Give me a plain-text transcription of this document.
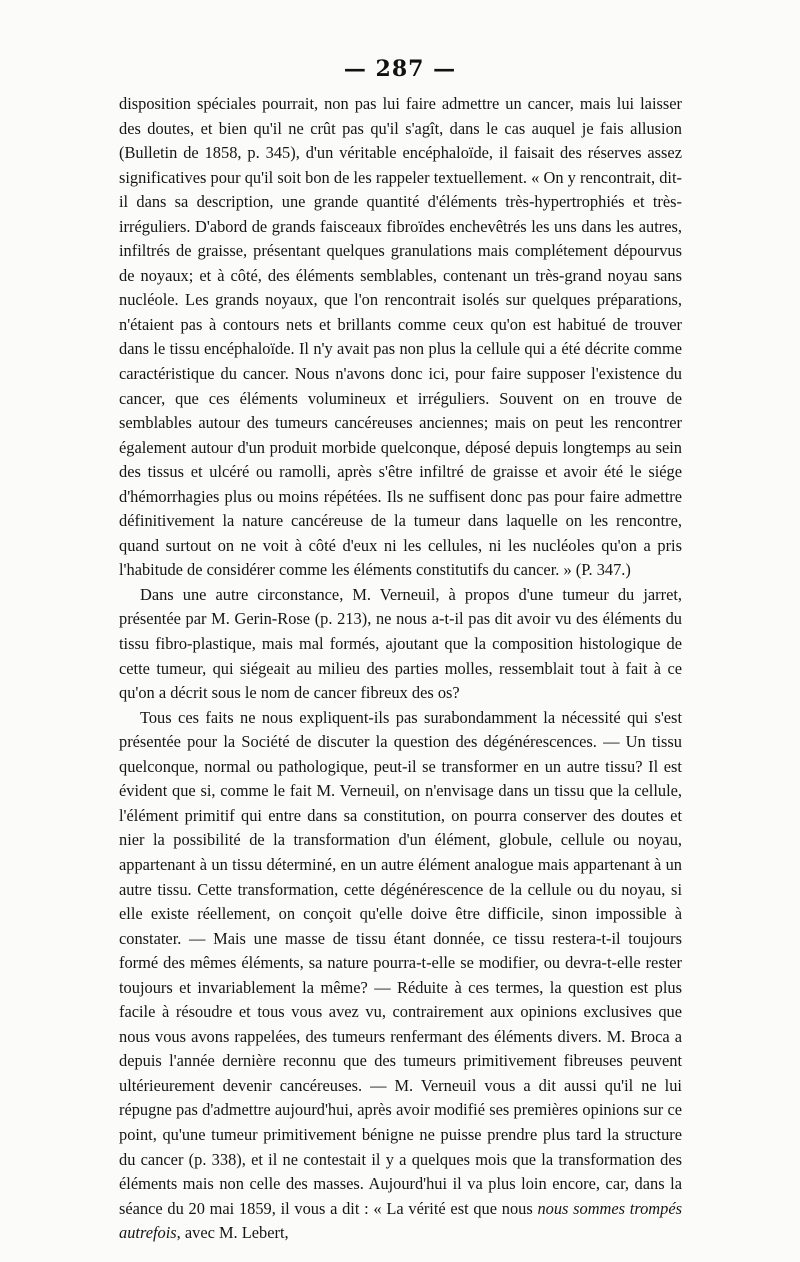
— 287 —

disposition spéciales pourrait, non pas lui faire admettre un cancer, mais lui laisser des doutes, et bien qu'il ne crût pas qu'il s'agît, dans le cas auquel je fais allusion (Bulletin de 1858, p. 345), d'un véritable encéphaloïde, il faisait des réserves assez significatives pour qu'il soit bon de les rappeler textuellement. « On y rencontrait, dit-il dans sa description, une grande quantité d'éléments très-hypertrophiés et très-irréguliers. D'abord de grands faisceaux fibroïdes enchevêtrés les uns dans les autres, infiltrés de graisse, présentant quelques granulations mais complétement dépourvus de noyaux; et à côté, des éléments semblables, contenant un très-grand noyau sans nucléole. Les grands noyaux, que l'on rencontrait isolés sur quelques préparations, n'étaient pas à contours nets et brillants comme ceux qu'on est habitué de trouver dans le tissu encéphaloïde. Il n'y avait pas non plus la cellule qui a été décrite comme caractéristique du cancer. Nous n'avons donc ici, pour faire supposer l'existence du cancer, que ces éléments volumineux et irréguliers. Souvent on en trouve de semblables autour des tumeurs cancéreuses anciennes; mais on peut les rencontrer également autour d'un produit morbide quelconque, déposé depuis longtemps au sein des tissus et ulcéré ou ramolli, après s'être infiltré de graisse et avoir été le siége d'hémorrhagies plus ou moins répétées. Ils ne suffisent donc pas pour faire admettre définitivement la nature cancéreuse de la tumeur dans laquelle on les rencontre, quand surtout on ne voit à côté d'eux ni les cellules, ni les nucléoles qu'on a pris l'habitude de considérer comme les éléments constitutifs du cancer. » (P. 347.)

Dans une autre circonstance, M. Verneuil, à propos d'une tumeur du jarret, présentée par M. Gerin-Rose (p. 213), ne nous a-t-il pas dit avoir vu des éléments du tissu fibro-plastique, mais mal formés, ajoutant que la composition histologique de cette tumeur, qui siégeait au milieu des parties molles, ressemblait tout à fait à ce qu'on a décrit sous le nom de cancer fibreux des os?

Tous ces faits ne nous expliquent-ils pas surabondamment la nécessité qui s'est présentée pour la Société de discuter la question des dégénérescences. — Un tissu quelconque, normal ou pathologique, peut-il se transformer en un autre tissu? Il est évident que si, comme le fait M. Verneuil, on n'envisage dans un tissu que la cellule, l'élément primitif qui entre dans sa constitution, on pourra conserver des doutes et nier la possibilité de la transformation d'un élément, globule, cellule ou noyau, appartenant à un tissu déterminé, en un autre élément analogue mais appartenant à un autre tissu. Cette transformation, cette dégénérescence de la cellule ou du noyau, si elle existe réellement, on conçoit qu'elle doive être difficile, sinon impossible à constater. — Mais une masse de tissu étant donnée, ce tissu restera-t-il toujours formé des mêmes éléments, sa nature pourra-t-elle se modifier, ou devra-t-elle rester toujours et invariablement la même? — Réduite à ces termes, la question est plus facile à résoudre et tous vous avez vu, contrairement aux opinions exclusives que nous vous avons rappelées, des tumeurs renfermant des éléments divers. M. Broca a depuis l'année dernière reconnu que des tumeurs primitivement fibreuses peuvent ultérieurement devenir cancéreuses. — M. Verneuil vous a dit aussi qu'il ne lui répugne pas d'admettre aujourd'hui, après avoir modifié ses premières opinions sur ce point, qu'une tumeur primitivement bénigne ne puisse prendre plus tard la structure du cancer (p. 338), et il ne contestait il y a quelques mois que la transformation des éléments mais non celle des masses. Aujourd'hui il va plus loin encore, car, dans la séance du 20 mai 1859, il vous a dit : « La vérité est que nous nous sommes trompés autrefois, avec M. Lebert,
